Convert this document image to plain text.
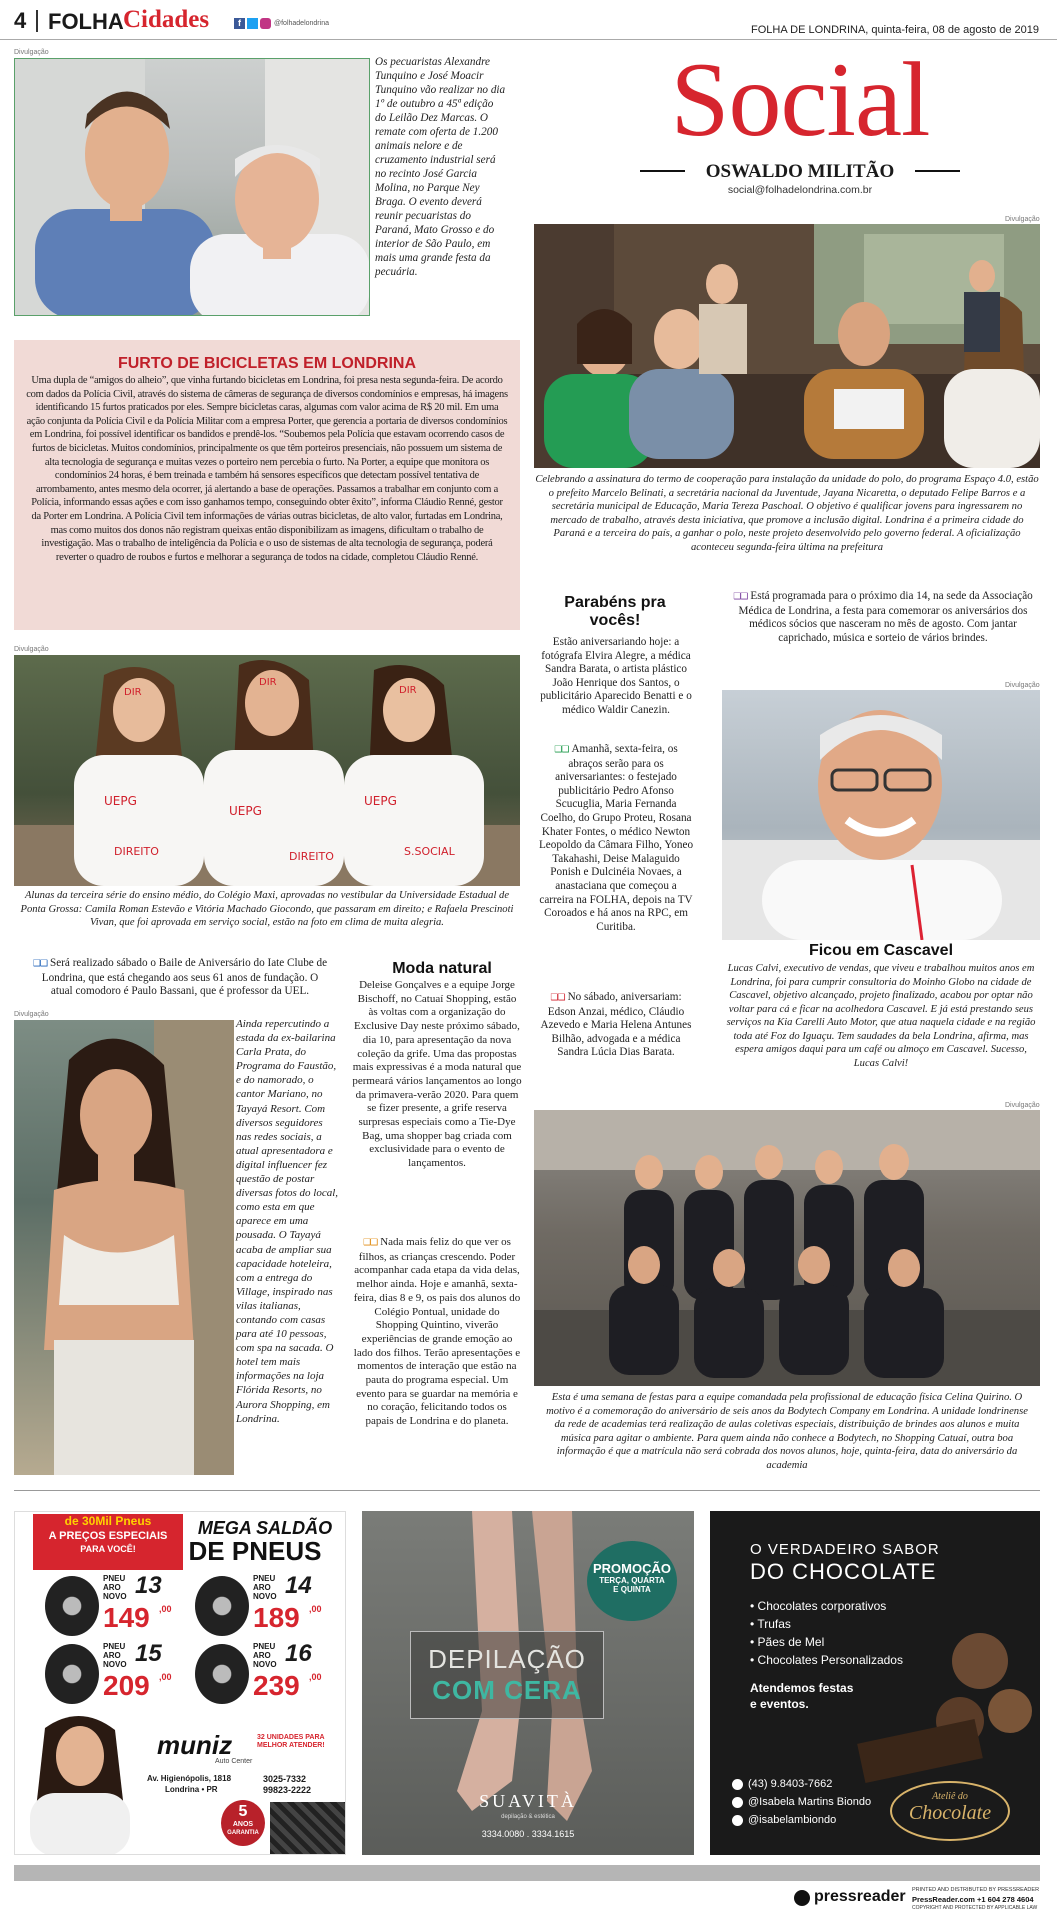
4 FOLHA Cidades	f	@folhadelondrina
FOLHA DE LONDRINA, quinta-feira, 08 de agosto de 2019
Divulgação
Os pecuaristas Alexandre Tunquino e José Moacir Tunquino vão realizar no dia 1º de outubro a 45ª edição do Leilão Dez Marcas. O remate com oferta de 1.200 animais nelore e de cruzamento industrial será no recinto José Garcia Molina, no Parque Ney Braga. O evento deverá reunir pecuaristas do Paraná, Mato Grosso e do interior de São Paulo, em mais uma grande festa da pecuária.
Social
OSWALDO MILITÃO
social@folhadelondrina.com.br
Divulgação
Celebrando a assinatura do termo de cooperação para instalação da unidade do polo, do programa Espaço 4.0, estão o prefeito Marcelo Belinati, a secretária nacional da Juventude, Jayana Nicaretta, o deputado Felipe Barros e a secretária municipal de Educação, Maria Tereza Paschoal. O objetivo é qualificar jovens para ingressarem no mercado de trabalho, através desta iniciativa, que promove a inclusão digital. Londrina é a primeira cidade do Paraná e a terceira do país, a ganhar o polo, neste projeto desenvolvido pelo governo federal. A oficialização aconteceu segunda-feira última na prefeitura
FURTO DE BICICLETAS EM LONDRINA
Uma dupla de “amigos do alheio”, que vinha furtando bicicletas em Londrina, foi presa nesta segunda-feira. De acordo com dados da Polícia Civil, através do sistema de câmeras de segurança de diversos condomínios e empresas, há imagens identificando 15 furtos praticados por eles. Sempre bicicletas caras, algumas com valor acima de R$ 20 mil. Em uma ação conjunta da Polícia Civil e da Polícia Militar com a empresa Porter, que gerencia a portaria de diversos condomínios em Londrina, foi possível identificar os bandidos e prendê-los. “Soubemos pela Polícia que estavam ocorrendo casos de furtos de bicicletas. Muitos condomínios, principalmente os que têm porteiros presenciais, não possuem um sistema de alta tecnologia de segurança e muitas vezes o porteiro nem percebia o furto. Na Porter, a equipe que monitora os condomínios 24 horas, é bem treinada e também há sensores específicos que detectam possível tentativa de arrombamento, antes mesmo dela ocorrer, já alertando a base de operações. Passamos a trabalhar em conjunto com a Polícia, informando essas ações e com isso ganhamos tempo, conseguindo obter êxito”, informa Cláudio Renné, gestor da Porter em Londrina. A Polícia Civil tem informações de várias outras bicicletas, de alto valor, furtadas em Londrina, mas como muitos dos donos não registram queixas então disponibilizam as imagens, dificultam o trabalho de investigação. Mas o trabalho de inteligência da Polícia e o uso de sistemas de alta tecnologia de segurança, poderá reverter o quadro de roubos e furtos e melhorar a segurança de todos na cidade, completou Cláudio Renné.
Divulgação
DIR
UEPG
DIREITO
DIR
UEPG
DIREITO
DIR
UEPG
S.SOCIAL
Alunas da terceira série do ensino médio, do Colégio Maxi, aprovadas no vestibular da Universidade Estadual de Ponta Grossa: Camila Roman Estevão e Vitória Machado Giocondo, que passaram em direito; e Rafaela Prescinoti Vivan, que foi aprovada em serviço social, estão na foto em clima de muita alegria.
❑❑ Será realizado sábado o Baile de Aniversário do Iate Clube de Londrina, que está chegando aos seus 61 anos de fundação. O atual comodoro é Paulo Bassani, que é professor da UEL.
Divulgação
Ainda repercutindo a estada da ex-bailarina Carla Prata, do Programa do Faustão, e do namorado, o cantor Mariano, no Tayayá Resort. Com diversos seguidores nas redes sociais, a atual apresentadora e digital influencer fez questão de postar diversas fotos do local, como esta em que aparece em uma pousada. O Tayayá acaba de ampliar sua capacidade hoteleira, com a entrega do Village, inspirado nas vilas italianas, contando com casas para até 10 pessoas, com spa na sacada. O hotel tem mais informações na loja Flórida Resorts, no Aurora Shopping, em Londrina.
Moda natural
Deleise Gonçalves e a equipe Jorge Bischoff, no Catuaí Shopping, estão às voltas com a organização do Exclusive Day neste próximo sábado, dia 10, para apresentação da nova coleção da grife. Uma das propostas mais expressivas é a moda natural que permeará vários lançamentos ao longo da primavera-verão 2020. Para quem se fizer presente, a grife reserva surpresas especiais como a Tie-Dye Bag, uma shopper bag criada com exclusividade para o evento de lançamentos.
❑❑ Nada mais feliz do que ver os filhos, as crianças crescendo. Poder acompanhar cada etapa da vida delas, melhor ainda. Hoje e amanhã, sexta-feira, dias 8 e 9, os pais dos alunos do Colégio Pontual, unidade do Shopping Quintino, viverão experiências de grande emoção ao lado dos filhos. Terão apresentações e momentos de interação que estão na pauta do programa especial. Um evento para se guardar na memória e no coração, felicitando todos os papais de Londrina e do planeta.
Parabéns pra vocês!
Estão aniversariando hoje: a fotógrafa Elvira Alegre, a médica Sandra Barata, o artista plástico João Henrique dos Santos, o publicitário Aparecido Benatti e o médico Waldir Canezin.
❑❑ Amanhã, sexta-feira, os abraços serão para os aniversariantes: o festejado publicitário Pedro Afonso Scucuglia, Maria Fernanda Coelho, do Grupo Proteu, Rosana Khater Fontes, o médico Newton Leopoldo da Câmara Filho, Yoneo Takahashi, Deise Malaguido Ponish e Dulcinéia Novaes, a anastaciana que começou a carreira na FOLHA, depois na TV Coroados e há anos na RPC, em Curitiba.
❑❑ No sábado, aniversariam: Edson Anzai, médico, Cláudio Azevedo e Maria Helena Antunes Bilhão, advogada e a médica Sandra Lúcia Dias Barata.
❑❑ Está programada para o próximo dia 14, na sede da Associação Médica de Londrina, a festa para comemorar os aniversários dos médicos sócios que nasceram no mês de agosto. Com jantar caprichado, música e sorteio de vários brindes.
Divulgação
Ficou em Cascavel
Lucas Calvi, executivo de vendas, que viveu e trabalhou muitos anos em Londrina, foi para cumprir consultoria do Moinho Globo na cidade de Cascavel, objetivo alcançado, projeto finalizado, acabou por optar não voltar para cá e ficar na acolhedora Cascavel. E já está prestando seus serviços na Kia Carelli Auto Motor, que atua naquela cidade e na região toda até Foz do Iguaçu. Tem saudades da bela Londrina, afirma, mas espera amigos daqui para um café ou almoço em Cascavel. Sucesso, Lucas Calvi!
Divulgação
Esta é uma semana de festas para a equipe comandada pela profissional de educação física Celina Quirino. O motivo é a comemoração do aniversário de seis anos da Bodytech Company em Londrina. A unidade londrinense da rede de academias terá realização de aulas coletivas especiais, distribuição de brindes aos alunos e muita música para agitar o ambiente. Para quem ainda não conhece a Bodytech, no Shopping Catuaí, outra boa informação é que a matrícula não será cobrada dos novos alunos, hoje, quinta-feira, data do aniversário da academia
de 30Mil Pneus
A PREÇOS ESPECIAIS
PARA VOCÊ!
MEGA SALDÃO
DE PNEUS
PNEU ARO NOVO 13
149 ,00
PNEU ARO NOVO 14
189 ,00
PNEU ARO NOVO 15
209 ,00
PNEU ARO NOVO 16
239 ,00
muniz
Auto Center
32 UNIDADES PARA MELHOR ATENDER!
Av. Higienópolis, 1818
Londrina • PR
3025-7332
99823-2222
5
ANOS
GARANTIA
PROMOÇÃO
TERÇA, QUARTA
E QUINTA
DEPILAÇÃO
COM CERA
SUAVITÀ
depilação & estética
3334.0080 . 3334.1615
O VERDADEIRO SABOR
DO CHOCOLATE
• Chocolates corporativos
• Trufas
• Pães de Mel
• Chocolates Personalizados
Atendemos festas
e eventos.
(43) 9.8403-7662
@Isabela Martins Biondo
@isabelambiondo
Ateliê do
Chocolate
pressreader PRINTED AND DISTRIBUTED BY PRESSREADER
PressReader.com +1 604 278 4604
COPYRIGHT AND PROTECTED BY APPLICABLE LAW
